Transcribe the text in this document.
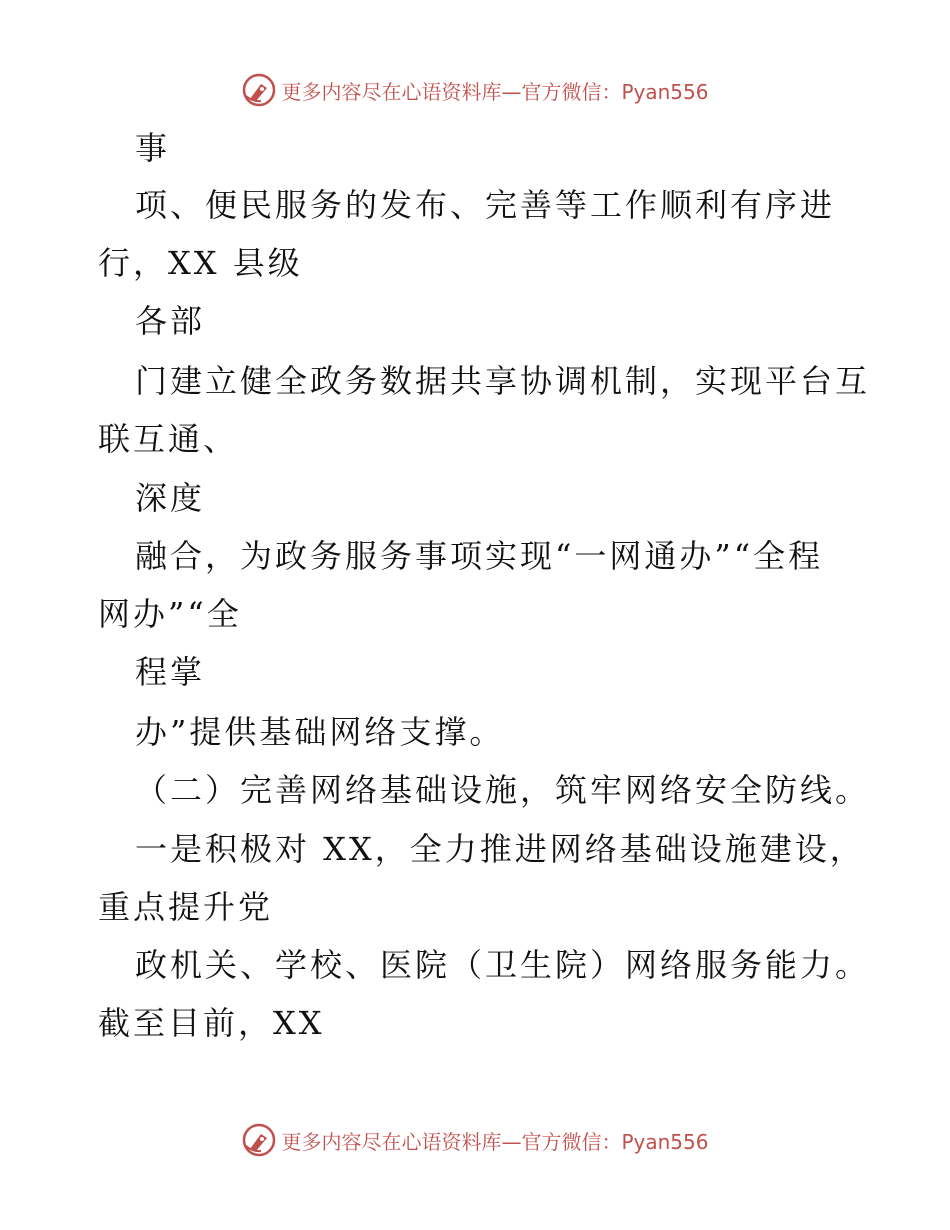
更多内容尽在心语资料库—官方微信：Pyan556
事
项、便民服务的发布、完善等工作顺利有序进
行，XX 县级
各部
门建立健全政务数据共享协调机制，实现平台互
联互通、
深度
融合，为政务服务事项实现“一网通办”“全程
网办”“全
程掌
办”提供基础网络支撑。
（二）完善网络基础设施，筑牢网络安全防线。
一是积极对 XX，全力推进网络基础设施建设，
重点提升党
政机关、学校、医院（卫生院）网络服务能力。
截至目前，XX
更多内容尽在心语资料库—官方微信：Pyan556
